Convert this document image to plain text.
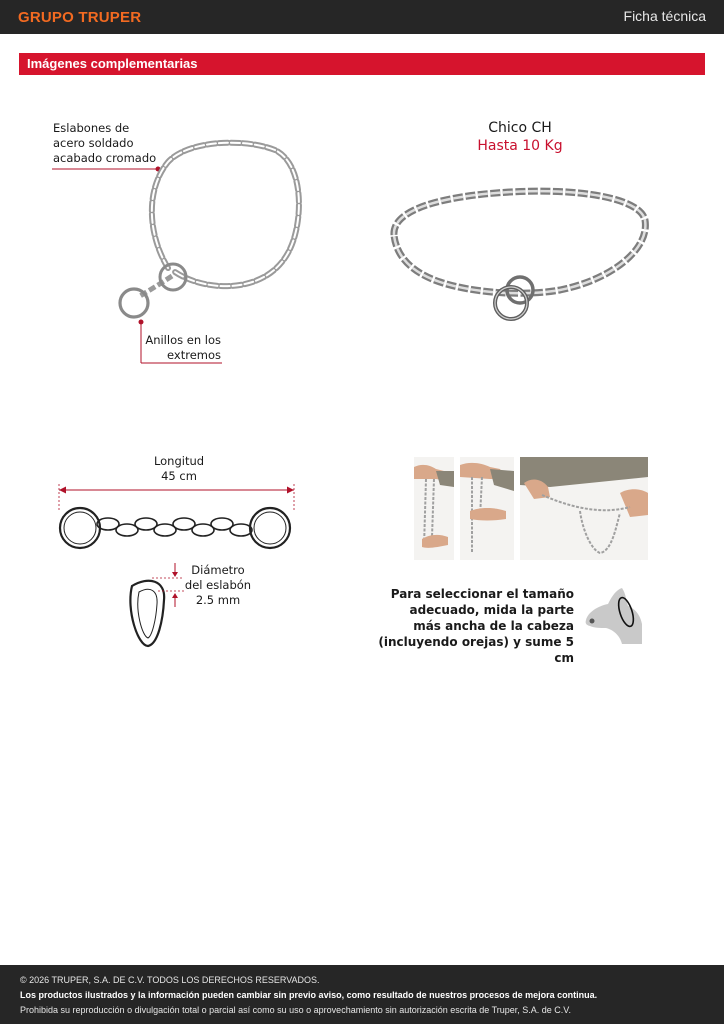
GRUPO TRUPER	Ficha técnica
Imágenes complementarias
Eslabones de
acero soldado
acabado cromado
Anillos en los
extremos
Chico CH
Hasta 10 Kg
Longitud
45 cm
Diámetro
del eslabón
2.5 mm	Para seleccionar el tamaño
adecuado, mida la parte
más ancha de la cabeza
(incluyendo orejas) y sume 5 cm

© 2026 TRUPER, S.A. DE C.V. TODOS LOS DERECHOS RESERVADOS.

Los productos ilustrados y la información pueden cambiar sin previo aviso, como resultado de nuestros procesos de mejora continua.

Prohibida su reproducción o divulgación total o parcial así como su uso o aprovechamiento sin autorización escrita de Truper, S.A. de C.V.
